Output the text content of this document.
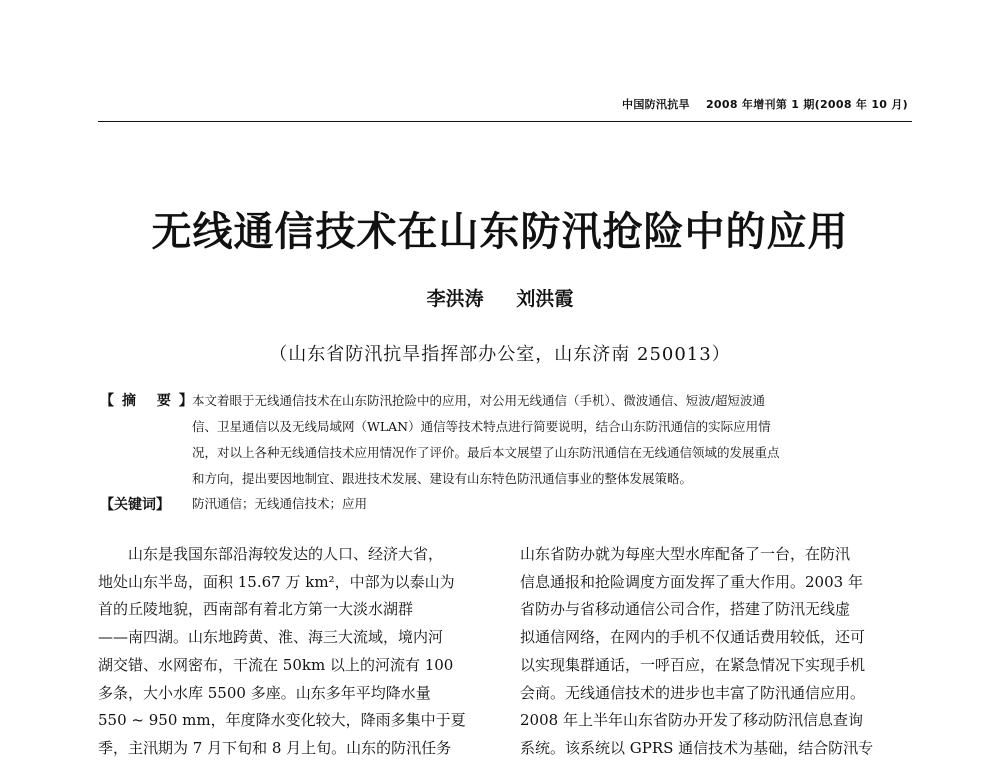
中国防汛抗旱 2008 年增刊第 1 期(2008 年 10 月)
无线通信技术在山东防汛抢险中的应用
李洪涛 刘洪霞
（山东省防汛抗旱指挥部办公室，山东济南 250013）
【摘 要】
本文着眼于无线通信技术在山东防汛抢险中的应用，对公用无线通信（手机）、微波通信、短波/超短波通
信、卫星通信以及无线局域网（WLAN）通信等技术特点进行简要说明，结合山东防汛通信的实际应用情
况，对以上各种无线通信技术应用情况作了评价。最后本文展望了山东防汛通信在无线通信领域的发展重点
和方向，提出要因地制宜、跟进技术发展、建设有山东特色防汛通信事业的整体发展策略。
【关键词】	防汛通信；无线通信技术；应用
　　山东是我国东部沿海较发达的人口、经济大省，
地处山东半岛，面积 15.67 万 km²，中部为以泰山为
首的丘陵地貌，西南部有着北方第一大淡水湖群
——南四湖。山东地跨黄、淮、海三大流域，境内河
湖交错、水网密布，干流在 50km 以上的河流有 100
多条，大小水库 5500 多座。山东多年平均降水量
550 ~ 950 mm，年度降水变化较大，降雨多集中于夏
季，主汛期为 7 月下旬和 8 月上旬。山东的防汛任务
山东省防办就为每座大型水库配备了一台，在防汛
信息通报和抢险调度方面发挥了重大作用。2003 年
省防办与省移动通信公司合作，搭建了防汛无线虚
拟通信网络，在网内的手机不仅通话费用较低，还可
以实现集群通话，一呼百应，在紧急情况下实现手机
会商。无线通信技术的进步也丰富了防汛通信应用。
2008 年上半年山东省防办开发了移动防汛信息查询
系统。该系统以 GPRS 通信技术为基础，结合防汛专
